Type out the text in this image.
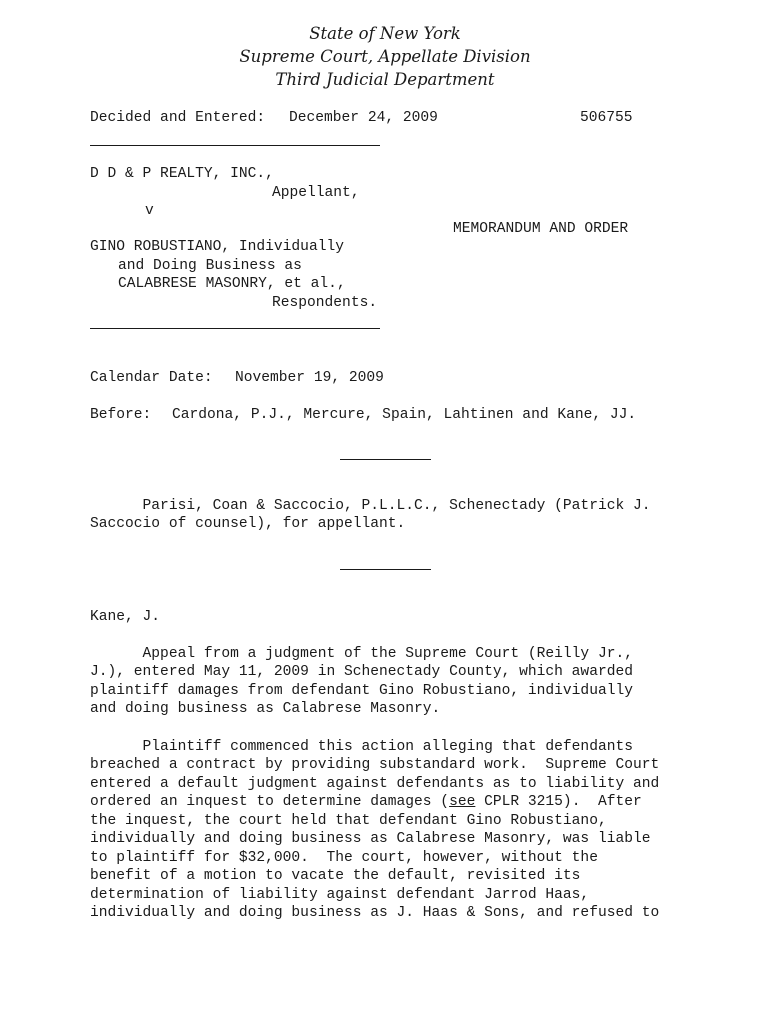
State of New York
Supreme Court, Appellate Division
Third Judicial Department
Decided and Entered: December 24, 2009	506755
D D & P REALTY, INC.,
Appellant,
v
MEMORANDUM AND ORDER
GINO ROBUSTIANO, Individually
and Doing Business as
CALABRESE MASONRY, et al.,
Respondents.
Calendar Date: November 19, 2009
Before: Cardona, P.J., Mercure, Spain, Lahtinen and Kane, JJ.
Parisi, Coan & Saccocio, P.L.L.C., Schenectady (Patrick J.
Saccocio of counsel), for appellant.
Kane, J.
Appeal from a judgment of the Supreme Court (Reilly Jr.,
J.), entered May 11, 2009 in Schenectady County, which awarded
plaintiff damages from defendant Gino Robustiano, individually
and doing business as Calabrese Masonry.
Plaintiff commenced this action alleging that defendants
breached a contract by providing substandard work.  Supreme Court
entered a default judgment against defendants as to liability and
ordered an inquest to determine damages (see CPLR 3215).  After
the inquest, the court held that defendant Gino Robustiano,
individually and doing business as Calabrese Masonry, was liable
to plaintiff for $32,000.  The court, however, without the
benefit of a motion to vacate the default, revisited its
determination of liability against defendant Jarrod Haas,
individually and doing business as J. Haas & Sons, and refused to
